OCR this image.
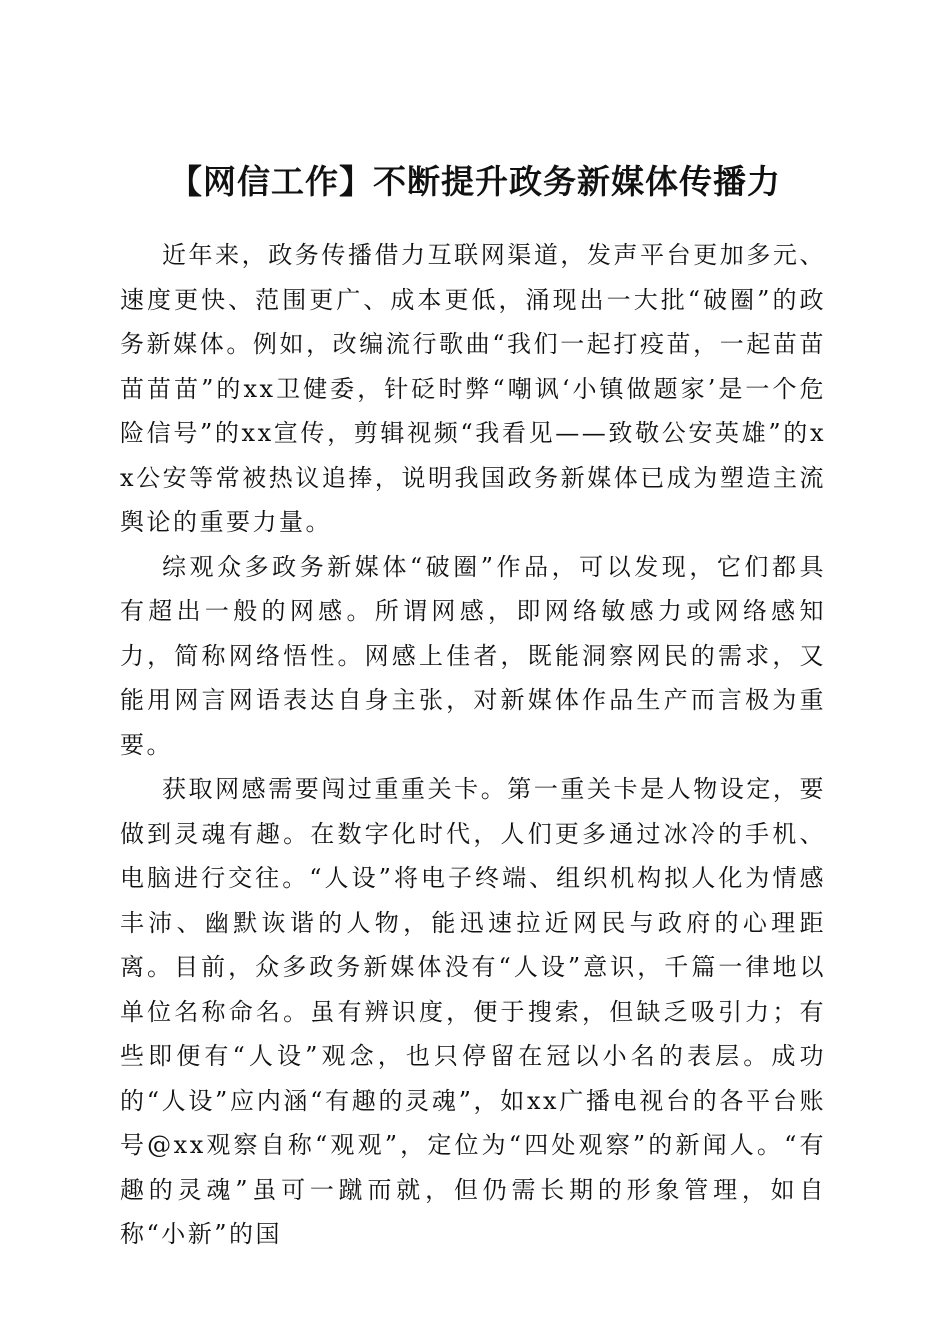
【网信工作】不断提升政务新媒体传播力

近年来，政务传播借力互联网渠道，发声平台更加多元、速度更快、范围更广、成本更低，涌现出一大批“破圈”的政务新媒体。例如，改编流行歌曲“我们一起打疫苗，一起苗苗苗苗苗”的xx卫健委，针砭时弊“嘲讽‘小镇做题家’是一个危险信号”的xx宣传，剪辑视频“我看见——致敬公安英雄”的xx公安等常被热议追捧，说明我国政务新媒体已成为塑造主流舆论的重要力量。

综观众多政务新媒体“破圈”作品，可以发现，它们都具有超出一般的网感。所谓网感，即网络敏感力或网络感知力，简称网络悟性。网感上佳者，既能洞察网民的需求，又能用网言网语表达自身主张，对新媒体作品生产而言极为重要。

获取网感需要闯过重重关卡。第一重关卡是人物设定，要做到灵魂有趣。在数字化时代，人们更多通过冰冷的手机、电脑进行交往。“人设”将电子终端、组织机构拟人化为情感丰沛、幽默诙谐的人物，能迅速拉近网民与政府的心理距离。目前，众多政务新媒体没有“人设”意识，千篇一律地以单位名称命名。虽有辨识度，便于搜索，但缺乏吸引力；有些即便有“人设”观念，也只停留在冠以小名的表层。成功的“人设”应内涵“有趣的灵魂”，如xx广播电视台的各平台账号@xx观察自称“观观”，定位为“四处观察”的新闻人。“有趣的灵魂”虽可一蹴而就，但仍需长期的形象管理，如自称“小新”的国
